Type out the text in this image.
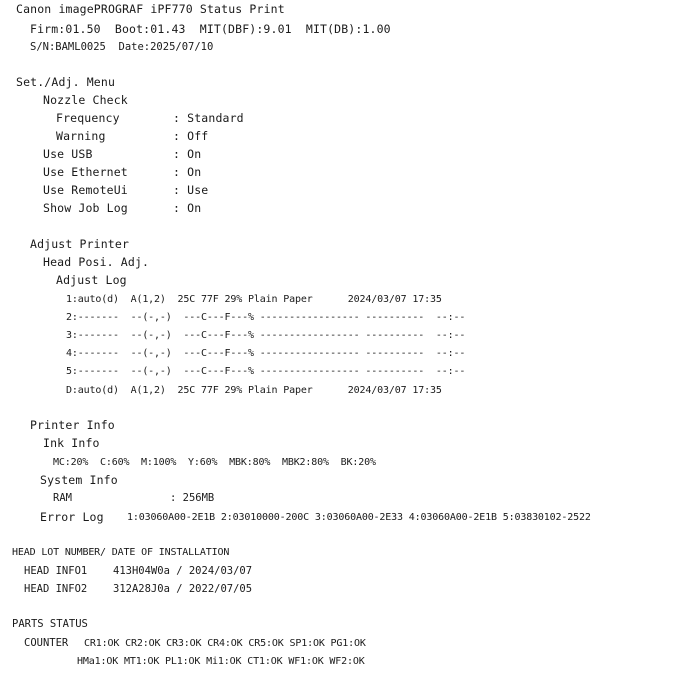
Canon imagePROGRAF iPF770 Status Print
Firm:01.50  Boot:01.43  MIT(DBF):9.01  MIT(DB):1.00
S/N:BAML0025  Date:2025/07/10
Set./Adj. Menu
Nozzle Check
Frequency	: Standard
Warning	: Off
Use USB	: On
Use Ethernet	: On
Use RemoteUi	: Use
Show Job Log	: On
Adjust Printer
Head Posi. Adj.
Adjust Log
1:auto(d)  A(1,2)  25C 77F 29% Plain Paper      2024/03/07 17:35
2:-------  --(-,-)  ---C---F---% ----------------- ----------  --:--
3:-------  --(-,-)  ---C---F---% ----------------- ----------  --:--
4:-------  --(-,-)  ---C---F---% ----------------- ----------  --:--
5:-------  --(-,-)  ---C---F---% ----------------- ----------  --:--
D:auto(d)  A(1,2)  25C 77F 29% Plain Paper      2024/03/07 17:35
Printer Info
Ink Info
MC:20%  C:60%  M:100%  Y:60%  MBK:80%  MBK2:80%  BK:20%
System Info
RAM	: 256MB
Error Log 1:03060A00-2E1B 2:03010000-200C 3:03060A00-2E33 4:03060A00-2E1B 5:03830102-2522
HEAD LOT NUMBER/ DATE OF INSTALLATION
HEAD INFO1 413H04W0a / 2024/03/07
HEAD INFO2 312A28J0a / 2022/07/05
PARTS STATUS
COUNTER CR1:OK CR2:OK CR3:OK CR4:OK CR5:OK SP1:OK PG1:OK
HMa1:OK MT1:OK PL1:OK Mi1:OK CT1:OK WF1:OK WF2:OK
